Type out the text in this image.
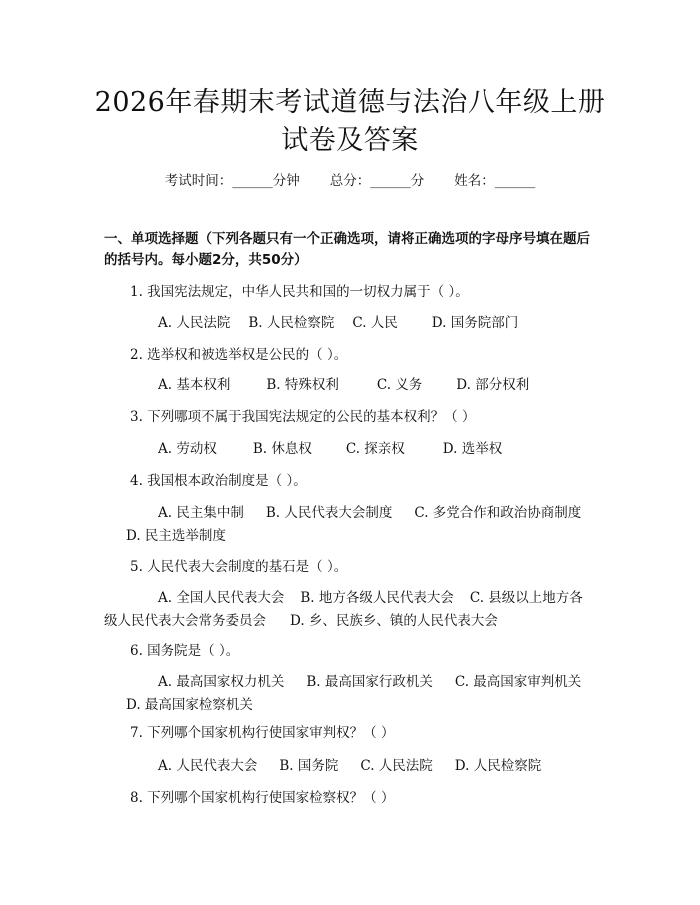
2026年春期末考试道德与法治八年级上册试卷及答案
考试时间：______分钟 总分：______分 姓名：______
一、单项选择题（下列各题只有一个正确选项，请将正确选项的字母序号填在题后的括号内。每小题2分，共50分）
1. 我国宪法规定，中华人民共和国的一切权力属于（ ）。
A. 人民法院 B. 人民检察院 C. 人民	D. 国务院部门
2. 选举权和被选举权是公民的（ ）。
A. 基本权利	B. 特殊权利	C. 义务	D. 部分权利
3. 下列哪项不属于我国宪法规定的公民的基本权利？（ ）
A. 劳动权	B. 休息权	C. 探亲权	D. 选举权
4. 我国根本政治制度是（ ）。
A. 民主集中制 B. 人民代表大会制度 C. 多党合作和政治协商制度D. 民主选举制度
5. 人民代表大会制度的基石是（ ）。
A. 全国人民代表大会 B. 地方各级人民代表大会 C. 县级以上地方各级人民代表大会常务委员会 D. 乡、民族乡、镇的人民代表大会
6. 国务院是（ ）。
A. 最高国家权力机关 B. 最高国家行政机关 C. 最高国家审判机关D. 最高国家检察机关
7. 下列哪个国家机构行使国家审判权？（ ）
A. 人民代表大会 B. 国务院 C. 人民法院 D. 人民检察院
8. 下列哪个国家机构行使国家检察权？（ ）
